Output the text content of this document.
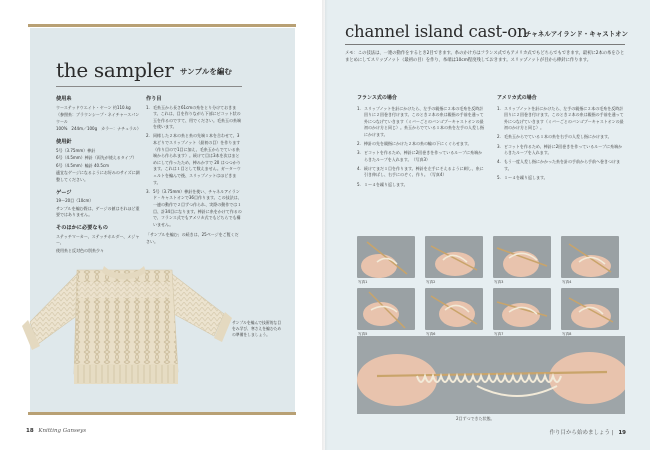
the sampler サンプルを編む
使用糸
ウーステッドウエイト・ヤーン 約110.kg
（参照糸：ブラウンシープ・ネイチャースパンウール
100%　244m／100g　カラー：ナチュラル）
使用針
5号（3.75mm）棒針
6号（4.5mm）棒針（両先が使えるタイプ）
6号（4.5mm）輪針 40.5cm
適宜なゲージになるようにお好みのサイズに調整してください。
ゲージ
19～20目（10cm）
サンプルを編む際は、ゲージの値はそれほど重要ではありません。
そのほかに必要なもの
ステッチマーカー、ステッチホルダー、メジャー、
使用糸と反対色の別糸少々
作り目
1. 毛糸玉から長さ61cmの糸をとり分けておきます。これは、目を作りながら下部にビコット状の玉を作るのですて、用でください。毛糸玉の糸端を使います。
2. 同様した２本の糸と糸の先端１本を合わせて、3本どりでスリップノット（最初の目）を作ります（作り目ので1目に加え、毛糸玉からでている糸端から作られます）。続けて目は3本を次はまとめにして作ったため、棒みかすで 20 はつつかります。これは１目として数えません。ガーターウェルトを編んで後、スリップノットはほどきます。
3. 5号（3.75mm）棒針を使い、チャネルアイランド・キャストオンで36目作ります。この技法は、一連の動作で２目ずつ作られ、実際の動作では１目、計34目になります。棒針に糸をかけて作るので、フランス式でもアメリカ式でもどちらでも構いません。
「サンプルを編む」の続きは、25ページをご覧ください。
サンプルを編んで技術的な目をみ学び、寒さえを編むための準備をしましょう。
18 Knitting Ganseys
channel island cast-on
チャネルアイランド・キャストオン
メモ：この技法は、一連の動作をするとき2目できます。糸のかけ方はフランス式でもアメリカ式でもどちらでもできます。最初に2本の糸をひとまとめにしてスリップノット（最初の目）を作り、糸端は10cm程度残しておきます。スリップノットが目から棒針に作ります。
フランス式の場合
1. スリップノットを針にかけたら、左手の親指に２本の毛糸を反時計回りに２回巻き付けます。このとき２本の糸は親指の手前を通って外につなげていきます（ミバーごとのバンゴブーキャストオンの最初のかけ方と同じ）。糸玉からでている１本の糸を左手の人差し指にかけます。
2. 棒針の先を親指にかけた２本の糸の輪の下にくぐらせます。
3. ビコットを作るため、棒針に2回巻きを作っているループに糸端からきたループを入れます。（写真3）
4. 続けてまだ１目を作ります。棒針を左手にそえるように刺し、糸に引き伸ばし、右手にのぞく、作り。（写真4）
5. １〜４を繰り返します。
アメリカ式の場合
1. スリップノットを針にかけたら、左手の親指に２本の毛糸を反時計回りに２回巻き付けます。このとき２本の糸は親指の手前を通って外につなげていきます（ミバーごとのバンゴブーキャストオンの最初のかけ方と同じ）。
2. 毛糸玉からでている１本の糸を右手の人差し指にかけます。
3. ビコットを作るため、棒針に2回巻きを作っているループに糸端からきたループを入れます。
4. もう一度人差し指にかかった糸を針の手前から手前へ巻きつけます。
5. １〜４を繰り返します。
写真1	写真2	写真3	写真4
写真5	写真6	写真7	写真8
2目ずつできた状態。
作り目から始めましょう | 19
